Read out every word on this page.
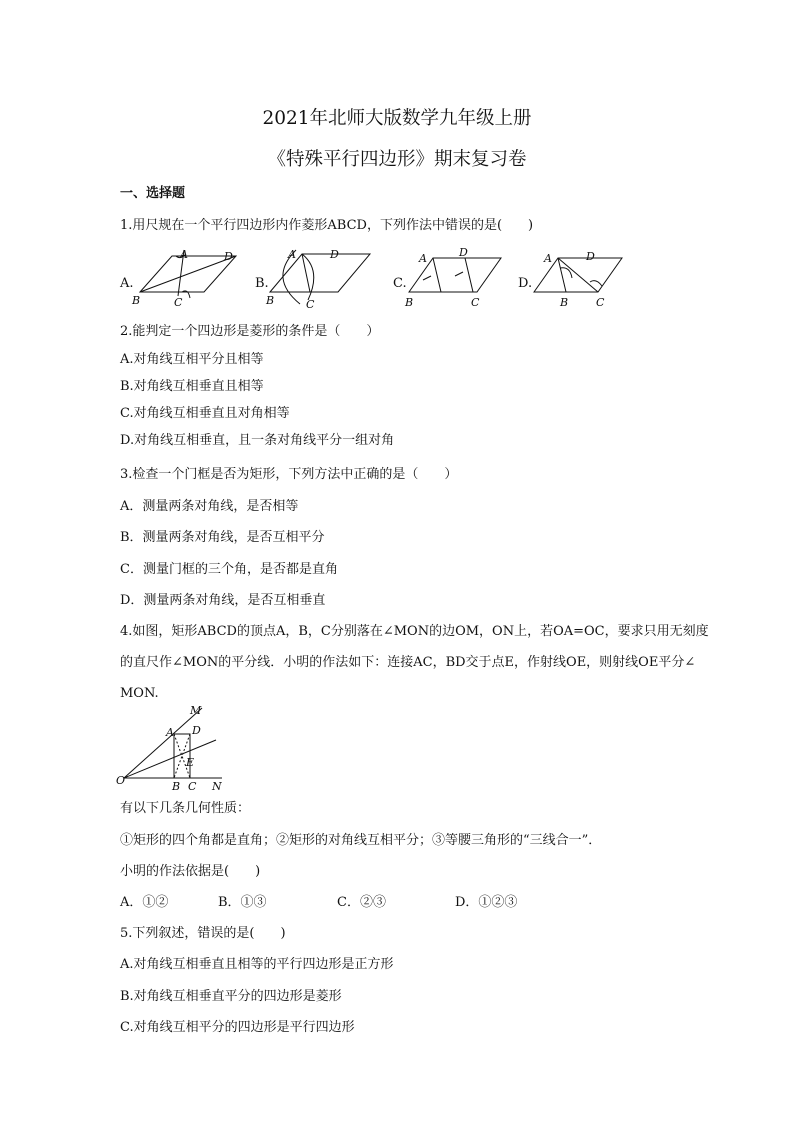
2021年北师大版数学九年级上册
《特殊平行四边形》期末复习卷
一、选择题
1.用尺规在一个平行四边形内作菱形ABCD，下列作法中错误的是(　　)
A.
A
B	C
D
B.
A
B	C
D
C.
A
B	C
D
D.
A
B	C
D
2.能判定一个四边形是菱形的条件是（　　）
A.对角线互相平分且相等
B.对角线互相垂直且相等
C.对角线互相垂直且对角相等
D.对角线互相垂直，且一条对角线平分一组对角
3.检查一个门框是否为矩形，下列方法中正确的是（　　）
A．测量两条对角线，是否相等
B．测量两条对角线，是否互相平分
C．测量门框的三个角，是否都是直角
D．测量两条对角线，是否互相垂直
4.如图，矩形ABCD的顶点A，B，C分别落在∠MON的边OM，ON上，若OA=OC，要求只用无刻度
的直尺作∠MON的平分线．小明的作法如下：连接AC，BD交于点E，作射线OE，则射线OE平分∠
MON.
M
A D
E
O	B C N
有以下几条几何性质：
①矩形的四个角都是直角；②矩形的对角线互相平分；③等腰三角形的“三线合一”．
小明的作法依据是(　　)
A．①②	B．①③	C．②③	D．①②③
5.下列叙述，错误的是(　　)
A.对角线互相垂直且相等的平行四边形是正方形
B.对角线互相垂直平分的四边形是菱形
C.对角线互相平分的四边形是平行四边形
